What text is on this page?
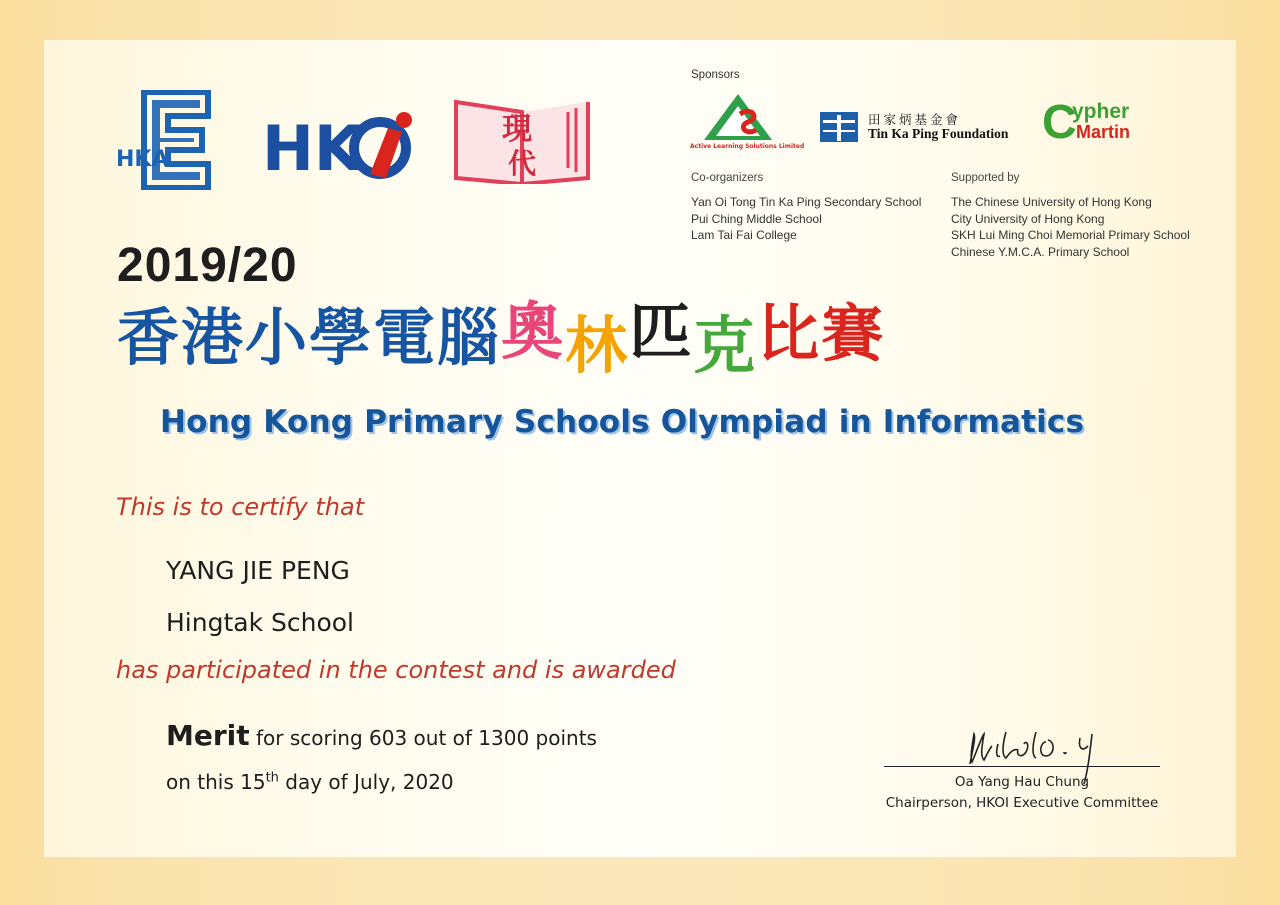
HKA HK	現
代
Sponsors
Active Learning Solutions Limited
田家炳基金會
Tin Ka Ping Foundation C
ypher
Martin
Co-organizers
Yan Oi Tong Tin Ka Ping Secondary School
Pui Ching Middle School
Lam Tai Fai College
Supported by
The Chinese University of Hong Kong
City University of Hong Kong
SKH Lui Ming Choi Memorial Primary School
Chinese Y.M.C.A. Primary School
2019/20
香港小學電腦奧林匹克比賽
Hong Kong Primary Schools Olympiad in Informatics
This is to certify that
YANG JIE PENG
Hingtak School
has participated in the contest and is awarded
Merit for scoring 603 out of 1300 points
on this 15th day of July, 2020	Oa Yang Hau Chung
Chairperson, HKOI Executive Committee
